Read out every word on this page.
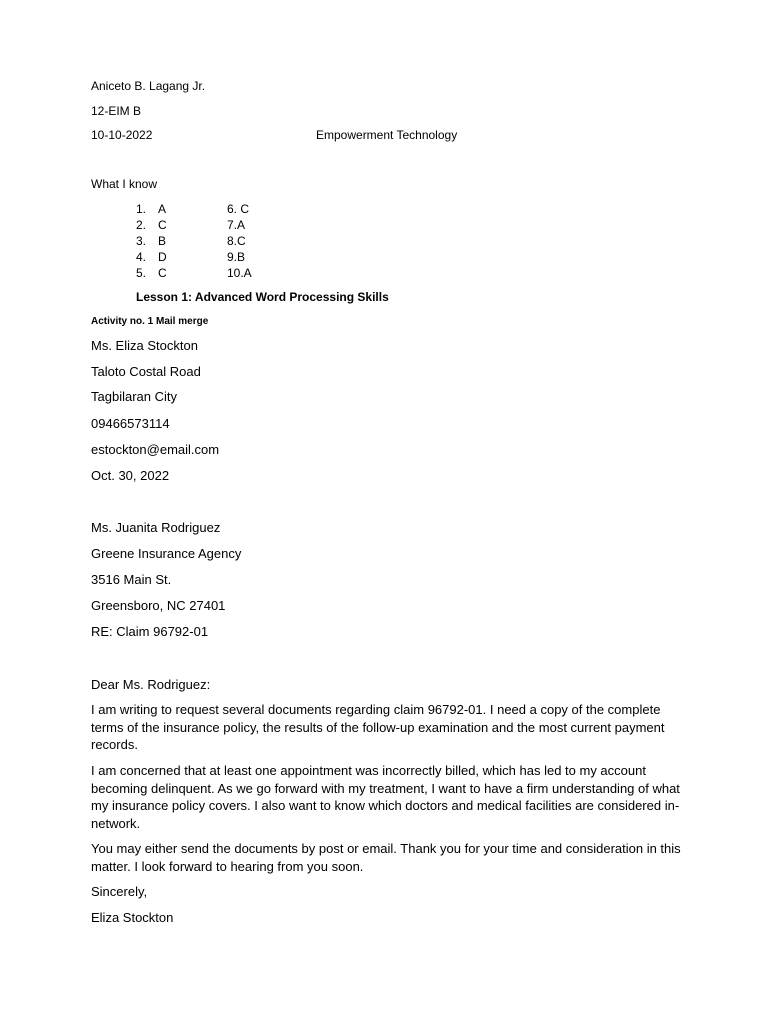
Aniceto B. Lagang Jr.
12-EIM B
10-10-2022	Empowerment Technology
What I know
1. A	6. C
2. C	7.A
3. B	8.C
4. D	9.B
5. C	10.A
Lesson 1: Advanced Word Processing Skills
Activity no. 1 Mail merge
Ms. Eliza Stockton
Taloto Costal Road
Tagbilaran City
09466573114
estockton@email.com
Oct. 30, 2022
Ms. Juanita Rodriguez
Greene Insurance Agency
3516 Main St.
Greensboro, NC 27401
RE: Claim 96792-01
Dear Ms. Rodriguez:
I am writing to request several documents regarding claim 96792-01. I need a copy of the complete terms of the insurance policy, the results of the follow-up examination and the most current payment records.
I am concerned that at least one appointment was incorrectly billed, which has led to my account becoming delinquent. As we go forward with my treatment, I want to have a firm understanding of what my insurance policy covers. I also want to know which doctors and medical facilities are considered in-network.
You may either send the documents by post or email. Thank you for your time and consideration in this matter. I look forward to hearing from you soon.
Sincerely,
Eliza Stockton
